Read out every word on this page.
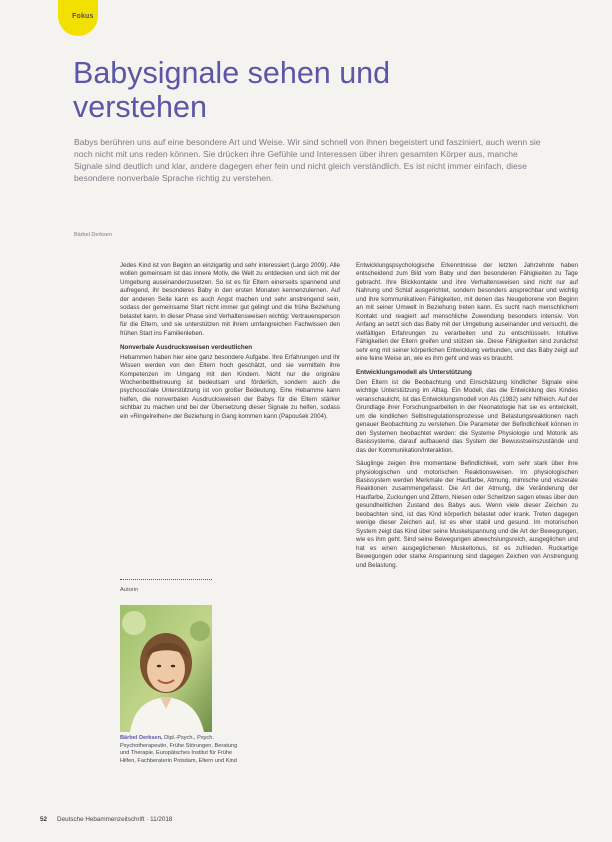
Fokus
Babysignale sehen und
verstehen

Babys berühren uns auf eine besondere Art und Weise. Wir sind schnell von ihnen begeistert und fasziniert, auch wenn sie noch nicht mit uns reden können. Sie drücken ihre Gefühle und Interessen über ihren gesamten Körper aus, manche Signale sind deutlich und klar, andere dagegen eher fein und nicht gleich verständlich. Es ist nicht immer einfach, diese besondere nonverbale Sprache richtig zu verstehen.

Bärbel Derksen

Jedes Kind ist von Beginn an einzigartig und sehr interessiert (Largo 2009). Alle wollen gemeinsam ist das innere Motiv, die Welt zu entdecken und sich mit der Umgebung auseinanderzusetzen. So ist es für Eltern einerseits spannend und aufregend, ihr besonderes Baby in den ersten Monaten kennenzulernen. Auf der anderen Seite kann es auch Angst machen und sehr anstrengend sein, sodass der gemeinsame Start nicht immer gut gelingt und die frühe Beziehung belastet kann. In dieser Phase sind Verhaltensweisen wichtig: Vertrauensperson für die Eltern, und sie unterstützen mit ihrem umfangreichen Fachwissen den frühen Start ins Familienleben.

Nonverbale Ausdrucksweisen verdeutlichen

Hebammen haben hier eine ganz besondere Aufgabe. Ihre Erfahrungen und ihr Wissen werden von den Eltern hoch geschätzt, und sie vermitteln ihre Kompetenzen im Umgang mit den Kindern. Nicht nur die originäre Wochenbettbetreuung ist bedeutsam und förderlich, sondern auch die psychosoziale Unterstützung ist von großer Bedeutung. Eine Hebamme kann helfen, die nonverbalen Ausdrucksweisen der Babys für die Eltern stärker sichtbar zu machen und bei der Übersetzung dieser Signale zu helfen, sodass ein »Ringelreihen« der Beziehung in Gang kommen kann (Papoušek 2004).

Autorin

Bärbel Derksen, Dipl.-Psych., Psych. Psychotherapeutin, Frühe Störungen, Beratung und Therapie, Europäisches Institut für Frühe Hilfen, Fachberaterin Potsdam, Eltern und Kind

Entwicklungspsychologische Erkenntnisse der letzten Jahrzehnte haben entscheidend zum Bild vom Baby und den besonderen Fähigkeiten zu Tage gebracht. Ihre Blickkontakte und ihre Verhaltensweisen sind nicht nur auf Nahrung und Schlaf ausgerichtet, sondern besonders ansprechbar und wichtig und ihre kommunikativen Fähigkeiten, mit denen das Neugeborene von Beginn an mit seiner Umwelt in Beziehung treten kann. Es sucht nach menschlichem Kontakt und reagiert auf menschliche Zuwendung besonders intensiv. Von Anfang an setzt sich das Baby mit der Umgebung auseinander und versucht, die vielfältigen Erfahrungen zu verarbeiten und zu entschlüsseln. Intuitive Fähigkeiten der Eltern greifen und stützen sie. Diese Fähigkeiten sind zunächst sehr eng mit seiner körperlichen Entwicklung verbunden, und das Baby zeigt auf eine feine Weise an, wie es ihm geht und was es braucht.

Entwicklungsmodell als Unterstützung

Den Eltern ist die Beobachtung und Einschätzung kindlicher Signale eine wichtige Unterstützung im Alltag. Ein Modell, das die Entwicklung des Kindes veranschaulicht, ist das Entwicklungsmodell von Als (1982) sehr hilfreich. Auf der Grundlage ihrer Forschungsarbeiten in der Neonatologie hat sie es entwickelt, um die kindlichen Selbstregulationsprozesse und Belastungsreaktionen nach genauer Beobachtung zu verstehen. Die Parameter der Befindlichkeit können in den Systemen beobachtet werden: die Systeme Physiologie und Motorik als Basissysteme, darauf aufbauend das System der Bewusstseinszustände und das der Kommunikation/Interaktion.

Säuglinge zeigen ihre momentane Befindlichkeit, vom sehr stark über ihre physiologischen und motorischen Reaktionsweisen. Im physiologischen Basissystem werden Merkmale der Hautfarbe, Atmung, mimische und viszerale Reaktionen zusammengefasst. Die Art der Atmung, die Veränderung der Hautfarbe, Zuckungen und Zittern, Niesen oder Schwitzen sagen etwas über den gesundheitlichen Zustand des Babys aus. Wenn viele dieser Zeichen zu beobachten sind, ist das Kind körperlich belastet oder krank. Treten dagegen wenige dieser Zeichen auf, ist es eher stabil und gesund. Im motorischen System zeigt das Kind über seine Muskelspannung und die Art der Bewegungen, wie es ihm geht. Sind seine Bewegungen abwechslungsreich, ausgeglichen und hat es einen ausgeglichenen Muskeltonus, ist es zufrieden. Ruckartige Bewegungen oder starke Anspannung sind dagegen Zeichen von Anstrengung und Belastung.

52 Deutsche Hebammenzeitschrift · 11/2018
